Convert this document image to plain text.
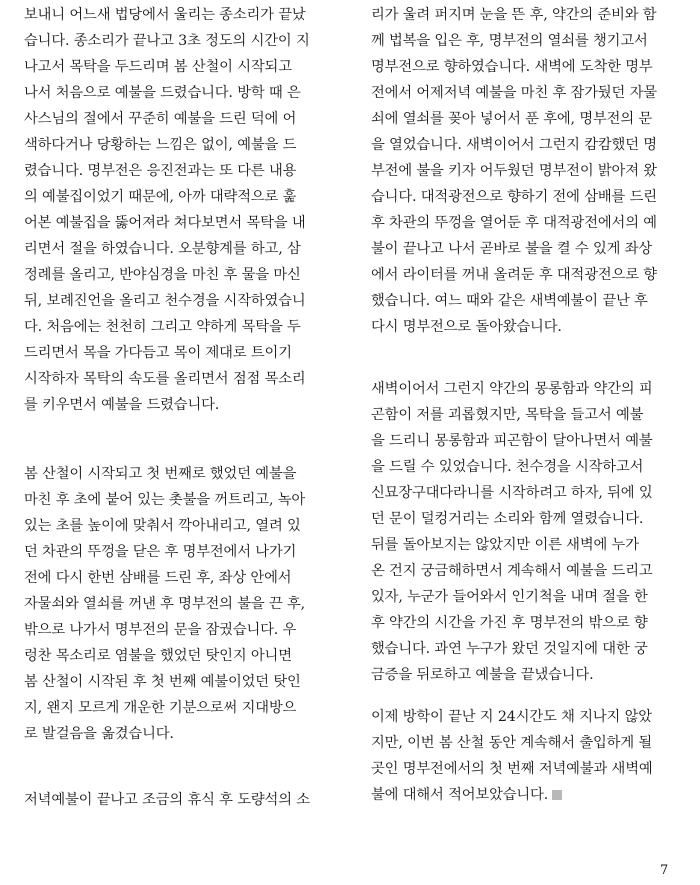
보내니 어느새 법당에서 울리는 종소리가 끝났
습니다. 종소리가 끝나고 3초 정도의 시간이 지
나고서 목탁을 두드리며 봄 산철이 시작되고
나서 처음으로 예불을 드렸습니다. 방학 때 은
사스님의 절에서 꾸준히 예불을 드린 덕에 어
색하다거나 당황하는 느낌은 없이, 예불을 드
렸습니다. 명부전은 응진전과는 또 다른 내용
의 예불집이었기 때문에, 아까 대략적으로 훑
어본 예불집을 뚫어져라 쳐다보면서 목탁을 내
리면서 절을 하였습니다. 오분향계를 하고, 삼
정례를 올리고, 반야심경을 마친 후 물을 마신
뒤, 보례진언을 올리고 천수경을 시작하였습니
다. 처음에는 천천히 그리고 약하게 목탁을 두
드리면서 목을 가다듬고 목이 제대로 트이기
시작하자 목탁의 속도를 올리면서 점점 목소리
를 키우면서 예불을 드렸습니다.
봄 산철이 시작되고 첫 번째로 했었던 예불을
마친 후 초에 붙어 있는 촛불을 꺼트리고, 녹아
있는 초를 높이에 맞춰서 깍아내리고, 열려 있
던 차관의 뚜껑을 닫은 후 명부전에서 나가기
전에 다시 한번 삼배를 드린 후, 좌상 안에서
자물쇠와 열쇠를 꺼낸 후 명부전의 불을 끈 후,
밖으로 나가서 명부전의 문을 잠궜습니다. 우
렁찬 목소리로 염불을 했었던 탓인지 아니면
봄 산철이 시작된 후 첫 번째 예불이었던 탓인
지, 왠지 모르게 개운한 기분으로써 지대방으
로 발걸음을 옮겼습니다.
저녁예불이 끝나고 조금의 휴식 후 도량석의 소
리가 울려 퍼지며 눈을 뜬 후, 약간의 준비와 함
께 법복을 입은 후, 명부전의 열쇠를 챙기고서
명부전으로 향하였습니다. 새벽에 도착한 명부
전에서 어제저녁 예불을 마친 후 잠가뒀던 자물
쇠에 열쇠를 꽂아 넣어서 푼 후에, 명부전의 문
을 열었습니다. 새벽이어서 그런지 캄캄했던 명
부전에 불을 키자 어두웠던 명부전이 밝아져 왔
습니다. 대적광전으로 향하기 전에 삼배를 드린
후 차관의 뚜껑을 열어둔 후 대적광전에서의 예
불이 끝나고 나서 곧바로 불을 켤 수 있게 좌상
에서 라이터를 꺼내 올려둔 후 대적광전으로 향
했습니다. 여느 때와 같은 새벽예불이 끝난 후
다시 명부전으로 돌아왔습니다.
새벽이어서 그런지 약간의 몽롱함과 약간의 피
곤함이 저를 괴롭혔지만, 목탁을 들고서 예불
을 드리니 몽롱함과 피곤함이 달아나면서 예불
을 드릴 수 있었습니다. 천수경을 시작하고서
신묘장구대다라니를 시작하려고 하자, 뒤에 있
던 문이 덜컹거리는 소리와 함께 열렸습니다.
뒤를 돌아보지는 않았지만 이른 새벽에 누가
온 건지 궁금해하면서 계속해서 예불을 드리고
있자, 누군가 들어와서 인기척을 내며 절을 한
후 약간의 시간을 가진 후 명부전의 밖으로 향
했습니다. 과연 누구가 왔던 것일지에 대한 궁
금증을 뒤로하고 예불을 끝냈습니다.
이제 방학이 끝난 지 24시간도 채 지나지 않았
지만, 이번 봄 산철 동안 계속해서 출입하게 될
곳인 명부전에서의 첫 번째 저녁예불과 새벽예
불에 대해서 적어보았습니다.
7
